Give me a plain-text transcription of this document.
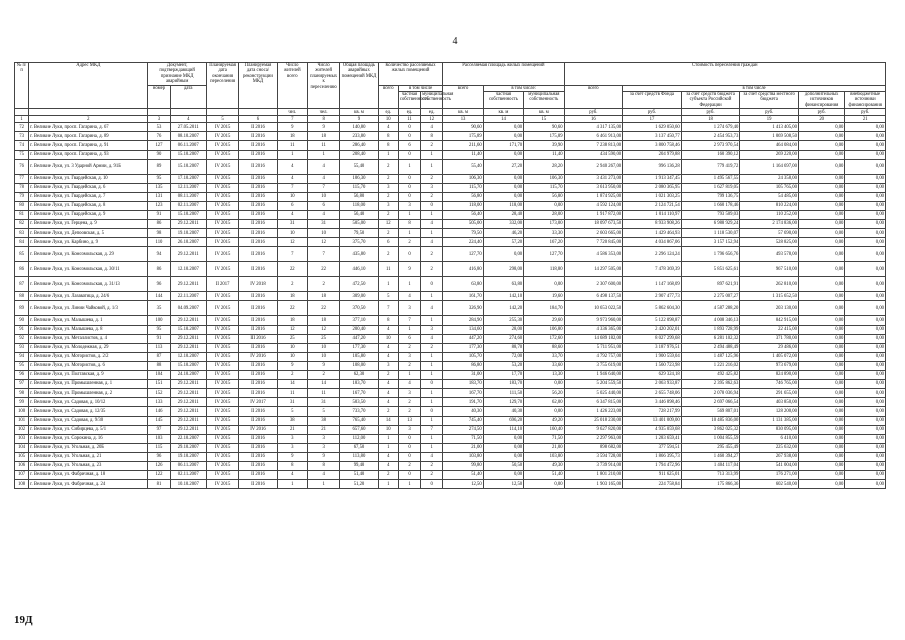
4
№ п/п	Адрес МКД	Документ, подтверждающий признание МКД аварийным		Планируемая дата окончания переселения	Планируемая дата сноса/ реконструкции МКД	Число жителей всего	Число жителей планируемых к переселению	Общая площадь аварийных помещений МКД	Количество расселяемых жилых помещений			Расселяемая площадь жилых помещений			Стоимость переселения граждан					
		номер	дата						всего	в том числе		всего	в том числе:		всего	в том числе				
										частная собственность	муниципальная собственность		частная собственность	муниципальная собственность		за счет средств Фонда	за счет средств бюджета субъекта Российской Федерации	за счет средства местного бюджета	дополнительных источников финансирования	внебюджетные источники финансирования
						чел.	чел.	кв. м	ед.	ед.	ед.	кв. м	кв. м	кв. м	руб.	руб.	руб.	руб.	руб.	руб.
1	2	3	4	5	6	7	8	9	10	11	12	13	14	15	16	17	18	19	20	21
72	г. Великие Луки, просп. Гагарина, д. 67	53	27.05.2011	IV 2015	II 2016	9	9	140,80	4	0	4	90,60	0,00	90,60	4 317 135,00	1 629 050,60	1 274 679,40	1 413 405,00	0,00	0,00
73	г. Великие Луки, просп. Гагарина, д. 89	76	08.10.2007	IV 2015	II 2016	18	18	233,80	8	0	8	175,89	0,00	175,89	6 461 913,00	3 137 450,77	2 454 953,73	1 069 508,50	0,00	0,00
74	г. Великие Луки, просп. Гагарина, д. 91	127	06.11.2007	IV 2015	II 2016	11	11	286,40	8	6	2	211,60	171,70	39,90	7 238 813,00	3 800 758,46	2 973 970,54	464 084,00	0,00	0,00
75	г. Великие Луки, просп. Гагарина, д. 93	90	15.10.2007	IV 2015	II 2016	1	1	208,40	1	0	1	11,40	0,00	11,40	434 590,00	204 979,88	160 390,12	269 220,00	0,00	0,00
76	г. Великие Луки, ул. 3 Ударной Армии, д. 91Б	89	15.10.2007	IV 2015	II 2016	4	4	55,40	2	1	1	55,40	27,20	28,20	2 940 267,00	996 136,28	779 419,72	1 164 697,00	0,00	0,00
77	г. Великие Луки, ул. Гвардейская, д. 10	95	17.10.2007	IV 2015	II 2016	4	4	106,30	2	0	2	106,30	0,00	106,30	3 431 273,00	1 913 347,45	1 495 567,55	24 358,00	0,00	0,00
78	г. Великие Луки, ул. Гвардейская, д. 6	135	12.11.2007	IV 2015	II 2016	7	7	115,70	3	0	3	115,70	0,00	115,70	3 613 950,00	2 080 365,95	1 627 819,05	105 765,00	0,00	0,00
79	г. Великие Луки, ул. Гвардейская, д. 7	131	08.11.2007	IV 2015	II 2016	10	10	56,80	2	0	2	56,80	0,00	56,80	1 874 925,00	1 021 303,25	799 136,75	54 485,00	0,00	0,00
80	г. Великие Луки, ул. Гвардейская, д. 8	123	02.11.2007	IV 2015	II 2016	6	6	118,00	3	3	0	118,00	118,00	0,00	4 592 124,00	2 124 721,54	1 660 178,46	810 224,00	0,00	0,00
81	г. Великие Луки, ул. Гвардейская, д. 9	91	15.10.2007	IV 2015	II 2016	4	4	56,40	2	1	1	56,40	28,40	28,00	1 917 872,00	1 014 110,97	793 509,03	110 252,00	0,00	0,00
82	г. Великие Луки, ул. Герцена, д. 9	86	29.12.2011	IV 2015	II 2016	31	31	505,00	12	8	4	505,00	332,00	173,00	18 097 673,50	8 933 908,26	6 988 929,24	2 174 836,00	0,00	0,00
83	г. Великие Луки, ул. Депоовская, д. 5	98	19.10.2007	IV 2015	II 2016	10	10	79,50	2	1	1	79,50	46,20	33,30	2 603 665,00	1 429 464,93	1 118 530,07	57 690,00	0,00	0,00
84	г. Великие Луки, ул. Карбино, д. 9	110	26.10.2007	IV 2015	II 2016	12	12	375,70	6	2	4	224,40	57,20	167,20	7 720 845,00	4 034 867,06	3 157 152,94	528 825,00	0,00	0,00
85	г. Великие Луки, ул. Комсомольская, д. 29	94	29.12.2011	IV 2015	II 2016	7	7	435,80	2	0	2	127,70	0,00	127,70	4 586 353,00	2 296 124,24	1 796 656,76	493 578,00	0,00	0,00
86	г. Великие Луки, ул. Комсомольская, д. 30/11	86	12.10.2007	IV 2015	II 2016	22	22	446,10	11	9	2	416,80	298,00	118,80	14 297 505,00	7 478 369,39	5 851 625,61	967 510,00	0,00	0,00
87	г. Великие Луки, ул. Комсомольская, д. 31/13	96	29.12.2011	II 2017	IV 2018	2	2	472,50	1	1	0	63,80	63,80	0,00	2 307 600,00	1 147 168,09	897 621,91	262 810,00	0,00	0,00
88	г. Великие Луки, ул. Лазаватица, д. 24/6	144	22.11.2007	IV 2015	II 2016	18	18	309,00	5	4	1	161,70	142,10	19,60	6 498 137,50	2 907 477,73	2 275 007,27	1 315 652,50	0,00	0,00
89	г. Великие Луки, ул. Линии Чайковой, д. 1/3	35	04.09.2007	IV 2015	II 2016	22	22	370,50	7	3	4	326,90	142,20	184,70	10 653 022,50	5 862 604,30	4 587 288,20	203 130,00	0,00	0,00
90	г. Великие Луки, ул. Малышева, д. 1	100	29.12.2011	IV 2015	II 2016	18	18	377,10	8	7	1	284,90	255,30	29,60	9 973 960,00	5 122 098,87	4 008 346,13	842 915,00	0,00	0,00
91	г. Великие Луки, ул. Малышева, д. 8	95	15.10.2007	IV 2015	II 2016	12	12	200,40	4	1	3	134,60	28,00	106,80	4 336 365,00	2 420 202,01	1 893 728,99	22 415,00	0,00	0,00
92	г. Великие Луки, ул. Металлистов, д. 4	91	29.12.2011	IV 2015	III 2016	25	25	447,20	10	6	4	447,20	274,60	172,60	14 689 182,00	8 027 299,68	6 281 102,32	371 780,00	0,00	0,00
93	г. Великие Луки, ул. Молодежная, д. 29	113	29.12.2011	IV 2015	II 2016	10	10	177,30	4	2	2	177,30	88,70	88,60	5 711 951,00	3 187 976,51	2 494 488,49	29 486,00	0,00	0,00
94	г. Великие Луки, ул. Мотористов, д. 2/2	87	12.10.2007	IV 2015	IV 2016	10	10	105,80	4	3	1	105,70	72,00	33,70	4 792 757,00	1 900 559,04	1 487 125,96	1 405 072,00	0,00	0,00
95	г. Великие Луки, ул. Мотористов, д. 6	88	15.10.2007	IV 2015	II 2016	9	9	108,00	3	2	1	86,80	53,20	33,60	3 755 619,00	1 560 723,98	1 221 216,02	973 679,00	0,00	0,00
96	г. Великие Луки, ул. Полтавская, д. 9	104	24.10.2007	IV 2015	II 2016	2	2	62,30	2	1	1	31,00	17,70	13,30	1 946 640,00	629 324,18	492 425,82	824 890,00	0,00	0,00
97	г. Великие Луки, ул. Промышленная, д. 1	151	29.12.2011	IV 2015	II 2016	14	14	183,70	4	4	0	183,70	183,70	0,00	5 204 559,50	2 063 933,87	2 395 862,63	746 765,00	0,00	0,00
98	г. Великие Луки, ул. Промышленная, д. 2	152	29.12.2011	IV 2015	II 2016	11	11	167,70	4	3	1	167,70	111,50	56,20	5 025 440,00	2 655 748,06	2 078 036,94	291 655,00	0,00	0,00
99	г. Великие Луки, ул. Садовая, д. 10/12	133	29.12.2011	IV 2015	IV 2017	31	31	503,50	4	2	1	191,70	129,70	62,00	6 347 815,00	3 446 898,46	2 697 066,54	403 850,00	0,00	0,00
100	г. Великие Луки, ул. Садовая, д. 12/35	146	29.12.2011	IV 2015	II 2016	5	5	733,70	2	2	0	40,30	40,30	0,00	1 426 223,00	728 217,99	569 807,01	128 200,00	0,00	0,00
101	г. Великие Луки, ул. Садовая, д. 9/30	145	29.12.2011	IV 2015	II 2016	38	38	765,40	14	13	1	745,40	696,20	49,20	25 018 230,00	13 401 009,00	10 485 836,00	1 131 385,00	0,00	0,00
102	г. Великие Луки, ул. Сибирцева, д. 5/1	97	29.12.2011	IV 2015	IV 2016	21	21	657,60	10	3	7	274,50	114,10	160,40	9 627 820,00	4 935 059,68	3 862 025,32	830 095,00	0,00	0,00
103	г. Великие Луки, ул. Сорокина, д. 16	103	22.10.2007	IV 2015	II 2016	3	3	112,00	1	0	1	71,50	0,00	71,50	2 297 963,00	1 283 659,41	1 004 855,59	6 410,00	0,00	0,00
104	г. Великие Луки, ул. Угольная, д. 20Б	115	29.10.2007	IV 2015	II 2016	3	3	67,50	1	0	1	21,00	0,00	21,00	898 682,00	377 594,51	295 455,49	225 632,00	0,00	0,00
105	г. Великие Луки, ул. Угольная, д. 21	96	19.10.2007	IV 2015	II 2016	9	9	113,80	4	0	4	103,80	0,00	103,80	3 594 728,00	1 866 395,73	1 460 394,27	267 938,00	0,00	0,00
106	г. Великие Луки, ул. Угольная, д. 23	126	06.11.2007	IV 2015	II 2016	8	8	99,40	4	2	2	99,80	50,50	49,30	3 739 914,00	1 794 472,96	1 404 117,04	541 004,00	0,00	0,00
107	г. Великие Луки, ул. Фабричная, д. 18	122	02.11.2007	IV 2015	II 2016	4	4	51,40	2	0	2	51,40	0,00	51,40	1 801 210,00	911 625,01	713 313,99	176 271,00	0,00	0,00
108	г. Великие Луки, ул. Фабричная, д. 24	81	10.10.2007	IV 2015	II 2016	1	1	51,20	1	1	0	12,50	12,50	0,00	1 903 165,00	224 758,84	175 866,36	602 540,00	0,00	0,00
19Д
